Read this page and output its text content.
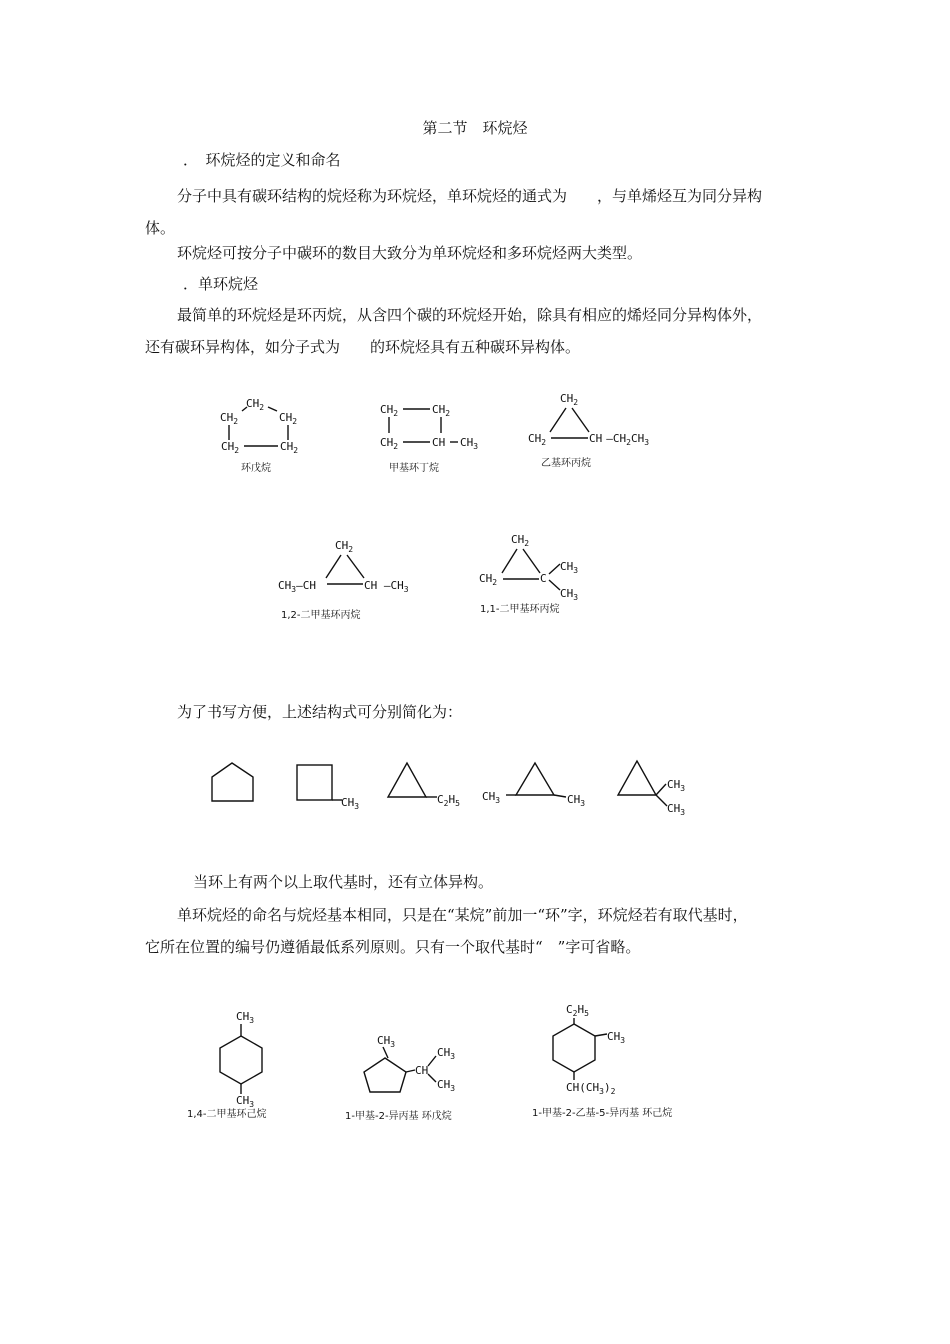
第二节　环烷烃
．　环烷烃的定义和命名
分子中具有碳环结构的烷烃称为环烷烃，单环烷烃的通式为　　，与单烯烃互为同分异构
体。
环烷烃可按分子中碳环的数目大致分为单环烷烃和多环烷烃两大类型。
．单环烷烃
最简单的环烷烃是环丙烷，从含四个碳的环烷烃开始，除具有相应的烯烃同分异构体外，
还有碳环异构体，如分子式为　　的环烷烃具有五种碳环异构体。
$CH_2$
$CH_2$	$CH_2$
$CH_2$	$CH_2$
环戊烷
$CH_2$	$CH_2$
$CH_2$	CH $CH_3$
甲基环丁烷
$CH_2$
$CH_2$	CH $—CH_2CH_3$
乙基环丙烷
$CH_2$
$CH_3—CH$	CH $—CH_3$
1,2-二甲基环丙烷
$CH_2$
$CH_2$	C
$CH_3$
$CH_3$
1,1-二甲基环丙烷
为了书写方便，上述结构式可分别简化为：
$CH_3$
$C_2H_5$
$CH_3$	$CH_3$
$CH_3$
$CH_3$
当环上有两个以上取代基时，还有立体异构。
单环烷烃的命名与烷烃基本相同，只是在“某烷”前加一“环”字，环烷烃若有取代基时，
它所在位置的编号仍遵循最低系列原则。只有一个取代基时“　”字可省略。
$CH_3$
$CH_3$
1,4-二甲基环己烷
$CH_3$
CH
$CH_3$
$CH_3$
1-甲基-2-异丙基 环戊烷
$C_2H_5$
$CH_3$
$CH(CH_3)_2$
1-甲基-2-乙基-5-异丙基 环己烷
